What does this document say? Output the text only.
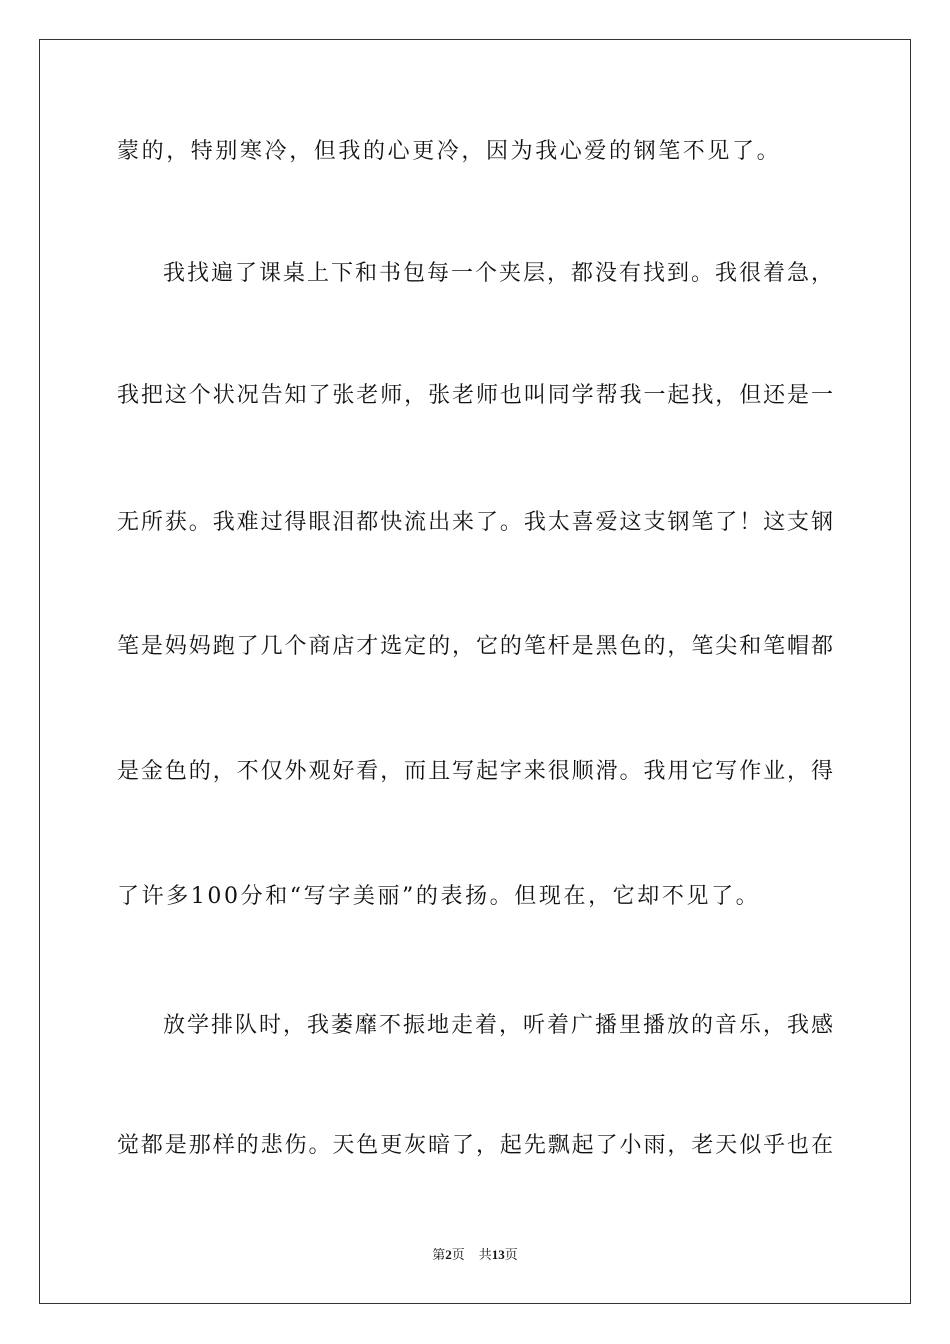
蒙的，特别寒冷，但我的心更冷，因为我心爱的钢笔不见了。
我找遍了课桌上下和书包每一个夹层，都没有找到。我很着急，
我把这个状况告知了张老师，张老师也叫同学帮我一起找，但还是一
无所获。我难过得眼泪都快流出来了。我太喜爱这支钢笔了！这支钢
笔是妈妈跑了几个商店才选定的，它的笔杆是黑色的，笔尖和笔帽都
是金色的，不仅外观好看，而且写起字来很顺滑。我用它写作业，得
了许多100分和“写字美丽”的表扬。但现在，它却不见了。
放学排队时，我萎靡不振地走着，听着广播里播放的音乐，我感
觉都是那样的悲伤。天色更灰暗了，起先飘起了小雨，老天似乎也在
第2页 共13页
